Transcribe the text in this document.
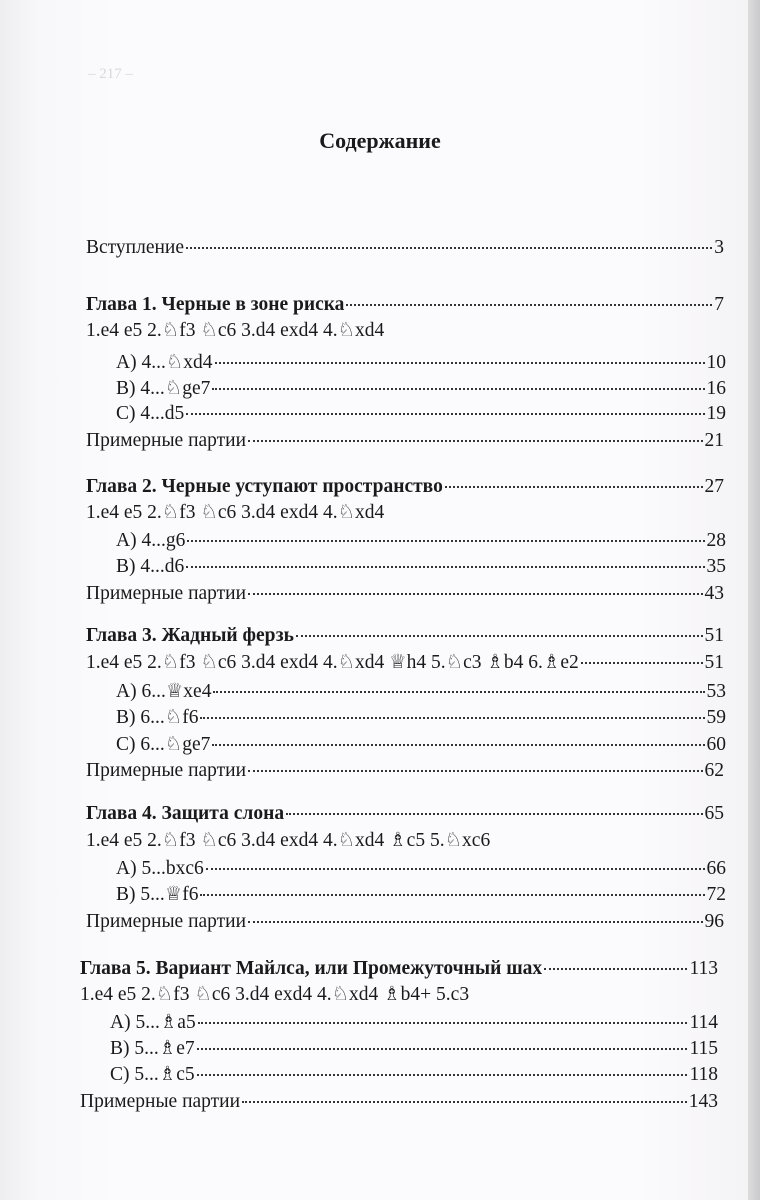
– 217 –
Содержание
Вступление	3
Глава 1. Черные в зоне риска	7
1.e4 e5 2.♘f3 ♘c6 3.d4 exd4 4.♘xd4
A) 4...♘xd4	10
B) 4...♘ge7	16
C) 4...d5	19
Примерные партии	21
Глава 2. Черные уступают пространство	27
1.e4 e5 2.♘f3 ♘c6 3.d4 exd4 4.♘xd4
A) 4...g6	28
B) 4...d6	35
Примерные партии	43
Глава 3. Жадный ферзь	51
1.e4 e5 2.♘f3 ♘c6 3.d4 exd4 4.♘xd4 ♕h4 5.♘c3 ♗b4 6.♗e2	51
A) 6...♕xe4	53
B) 6...♘f6	59
C) 6...♘ge7	60
Примерные партии	62
Глава 4. Защита слона	65
1.e4 e5 2.♘f3 ♘c6 3.d4 exd4 4.♘xd4 ♗c5 5.♘xc6
A) 5...bxc6	66
B) 5...♕f6	72
Примерные партии	96
Глава 5. Вариант Майлса, или Промежуточный шах	113
1.e4 e5 2.♘f3 ♘c6 3.d4 exd4 4.♘xd4 ♗b4+ 5.c3
A) 5...♗a5	114
B) 5...♗e7	115
C) 5...♗c5	118
Примерные партии	143
